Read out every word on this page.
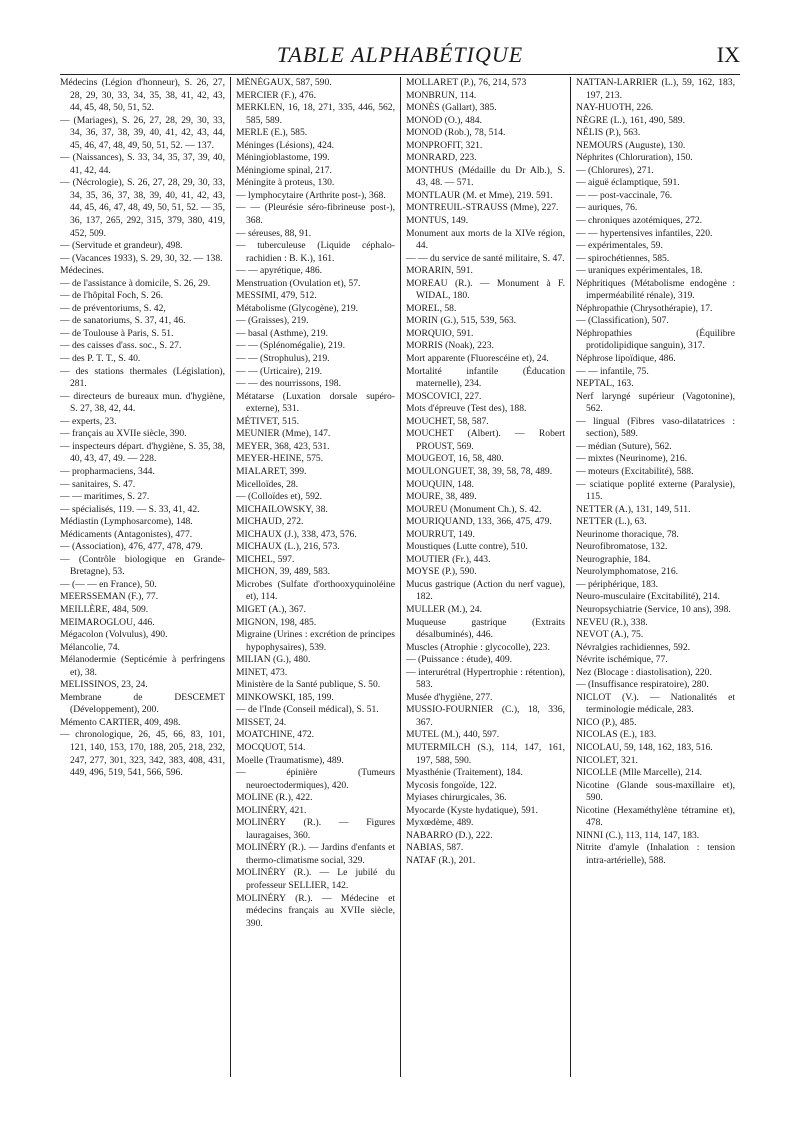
TABLE ALPHABÉTIQUE	IX

Médecins (Légion d'honneur), S. 26, 27, 28, 29, 30, 33, 34, 35, 38, 41, 42, 43, 44, 45, 48, 50, 51, 52.

— (Mariages), S. 26, 27, 28, 29, 30, 33, 34, 36, 37, 38, 39, 40, 41, 42, 43, 44, 45, 46, 47, 48, 49, 50, 51, 52. — 137.

— (Naissances), S. 33, 34, 35, 37, 39, 40, 41, 42, 44.

— (Nécrologie), S. 26, 27, 28, 29, 30, 33, 34, 35, 36, 37, 38, 39, 40, 41, 42, 43, 44, 45, 46, 47, 48, 49, 50, 51, 52. — 35, 36, 137, 265, 292, 315, 379, 380, 419, 452, 509.

— (Servitude et grandeur), 498.

— (Vacances 1933), S. 29, 30, 32. — 138.

Médecines.

— de l'assistance à domicile, S. 26, 29.

— de l'hôpital Foch, S. 26.

— de préventoriums, S. 42,

— de sanatoriums, S. 37, 41, 46.

— de Toulouse à Paris, S. 51.

— des caisses d'ass. soc., S. 27.

— des P. T. T., S. 40.

— des stations thermales (Législation), 281.

— directeurs de bureaux mun. d'hygiène, S. 27, 38, 42, 44.

— experts, 23.

— français au XVIIe siècle, 390.

— inspecteurs départ. d'hygiène, S. 35, 38, 40, 43, 47, 49. — 228.

— propharmaciens, 344.

— sanitaires, S. 47.

— — maritimes, S. 27.

— spécialisés, 119. — S. 33, 41, 42.

Médiastin (Lymphosarcome), 148.

Médicaments (Antagonistes), 477.

— (Association), 476, 477, 478, 479.

— (Contrôle biologique en Grande-Bretagne), 53.

— (— — en France), 50.

MEERSSEMAN (F.), 77.

MEILLÈRE, 484, 509.

MEIMAROGLOU, 446.

Mégacolon (Volvulus), 490.

Mélancolie, 74.

Mélanodermie (Septicémie à perfringens et), 38.

MELISSINOS, 23, 24.

Membrane de DESCEMET (Développement), 200.

Mémento CARTIER, 409, 498.

— chronologique, 26, 45, 66, 83, 101, 121, 140, 153, 170, 188, 205, 218, 232, 247, 277, 301, 323, 342, 383, 408, 431, 449, 496, 519, 541, 566, 596.

MÉNÉGAUX, 587, 590.

MERCIER (F.), 476.

MERKLEN, 16, 18, 271, 335, 446, 562, 585, 589.

MERLE (E.), 585.

Méninges (Lésions), 424.

Méningioblastome, 199.

Méningiome spinal, 217.

Méningite à proteus, 130.

— lymphocytaire (Arthrite post-), 368.

— — (Pleurésie séro-fibrineuse post-), 368.

— séreuses, 88, 91.

— tuberculeuse (Liquide céphalo-rachidien : B. K.), 161.

— — apyrétique, 486.

Menstruation (Ovulation et), 57.

MESSIMI, 479, 512.

Métabolisme (Glycogène), 219.

— (Graisses), 219.

— basal (Asthme), 219.

— — (Splénomégalie), 219.

— — (Strophulus), 219.

— — (Urticaire), 219.

— — des nourrissons, 198.

Métatarse (Luxation dorsale supéro-externe), 531.

MÉTIVET, 515.

MEUNIER (Mme), 147.

MEYER, 368, 423, 531.

MEYER-HEINE, 575.

MIALARET, 399.

Micelloïdes, 28.

— (Colloïdes et), 592.

MICHAILOWSKY, 38.

MICHAUD, 272.

MICHAUX (J.), 338, 473, 576.

MICHAUX (L.), 216, 573.

MICHEL, 597.

MICHON, 39, 489, 583.

Microbes (Sulfate d'orthooxyquinoléine et), 114.

MIGET (A.), 367.

MIGNON, 198, 485.

Migraine (Urines : excrétion de principes hypophysaires), 539.

MILIAN (G.), 480.

MINET, 473.

Ministère de la Santé publique, S. 50.

MINKOWSKI, 185, 199.

— de l'Inde (Conseil médical), S. 51.

MISSET, 24.

MOATCHINE, 472.

MOCQUOT, 514.

Moelle (Traumatisme), 489.

— épinière (Tumeurs neuroectodermiques), 420.

MOLINE (R.), 422.

MOLINÉRY, 421.

MOLINÉRY (R.). — Figures lauragaises, 360.

MOLINÉRY (R.). — Jardins d'enfants et thermo-climatisme social, 329.

MOLINÉRY (R.). — Le jubilé du professeur SELLIER, 142.

MOLINÉRY (R.). — Médecine et médecins français au XVIIe siècle, 390.

MOLLARET (P.), 76, 214, 573

MONBRUN, 114.

MONÈS (Gallart), 385.

MONOD (O.), 484.

MONOD (Rob.), 78, 514.

MONPROFIT, 321.

MONRARD, 223.

MONTHUS (Médaille du Dr Alb.), S. 43, 48. — 571.

MONTLAUR (M. et Mme), 219. 591.

MONTREUIL-STRAUSS (Mme), 227.

MONTUS, 149.

Monument aux morts de la XIVe région, 44.

— — du service de santé militaire, S. 47.

MORARIN, 591.

MOREAU (R.). — Monument à F. WIDAL, 180.

MOREL, 58.

MORIN (G.), 515, 539, 563.

MORQUIO, 591.

MORRIS (Noak), 223.

Mort apparente (Fluorescéine et), 24.

Mortalité infantile (Éducation maternelle), 234.

MOSCOVICI, 227.

Mots d'épreuve (Test des), 188.

MOUCHET, 58, 587.

MOUCHET (Albert). — Robert PROUST, 569.

MOUGEOT, 16, 58, 480.

MOULONGUET, 38, 39, 58, 78, 489.

MOUQUIN, 148.

MOURE, 38, 489.

MOUREU (Monument Ch.), S. 42.

MOURIQUAND, 133, 366, 475, 479.

MOURRUT, 149.

Moustiques (Lutte contre), 510.

MOUTIER (Fr.), 443.

MOYSE (P.), 590.

Mucus gastrique (Action du nerf vague), 182.

MULLER (M.), 24.

Muqueuse gastrique (Extraits désalbuminés), 446.

Muscles (Atrophie : glycocolle), 223.

— (Puissance : étude), 409.

— interurétral (Hypertrophie : rétention), 583.

Musée d'hygiène, 277.

MUSSIO-FOURNIER (C.), 18, 336, 367.

MUTEL (M.), 440, 597.

MUTERMILCH (S.), 114, 147, 161, 197, 588, 590.

Myasthénie (Traitement), 184.

Mycosis fongoïde, 122.

Myiases chirurgicales, 36.

Myocarde (Kyste hydatique), 591.

Myxœdème, 489.

NABARRO (D.), 222.

NABIAS, 587.

NATAF (R.), 201.

NATTAN-LARRIER (L.), 59, 162, 183, 197, 213.

NAY-HUOTH, 226.

NÈGRE (L.), 161, 490, 589.

NÉLIS (P.), 563.

NEMOURS (Auguste), 130.

Néphrites (Chloruration), 150.

— (Chlorures), 271.

— aiguë éclamptique, 591.

— — post-vaccinale, 76.

— auriques, 76.

— chroniques azotémiques, 272.

— — hypertensives infantiles, 220.

— expérimentales, 59.

— spirochétiennes, 585.

— uraniques expérimentales, 18.

Néphritiques (Métabolisme endogène : imperméabilité rénale), 319.

Néphropathie (Chrysothérapie), 17.

— (Classification), 507.

Néphropathies (Équilibre protidolipidique sanguin), 317.

Néphrose lipoïdique, 486.

— — infantile, 75.

NEPTAL, 163.

Nerf laryngé supérieur (Vagotonine), 562.

— lingual (Fibres vaso-dilatatrices : section), 589.

— médian (Suture), 562.

— mixtes (Neurinome), 216.

— moteurs (Excitabilité), 588.

— sciatique poplité externe (Paralysie), 115.

NETTER (A.), 131, 149, 511.

NETTER (L.), 63.

Neurinome thoracique, 78.

Neurofibromatose, 132.

Neurographie, 184.

Neurolymphomatose, 216.

— périphérique, 183.

Neuro-musculaire (Excitabilité), 214.

Neuropsychiatrie (Service, 10 ans), 398.

NEVEU (R.), 338.

NEVOT (A.), 75.

Névralgies rachidiennes, 592.

Névrite ischémique, 77.

Nez (Blocage : diastolisation), 220.

— (Insuffisance respiratoire), 280.

NICLOT (V.). — Nationalités et terminologie médicale, 283.

NICO (P.), 485.

NICOLAS (E.), 183.

NICOLAU, 59, 148, 162, 183, 516.

NICOLET, 321.

NICOLLE (Mlle Marcelle), 214.

Nicotine (Glande sous-maxillaire et), 590.

Nicotine (Hexaméthylène tétramine et), 478.

NINNI (C.), 113, 114, 147, 183.

Nitrite d'amyle (Inhalation : tension intra-artérielle), 588.
